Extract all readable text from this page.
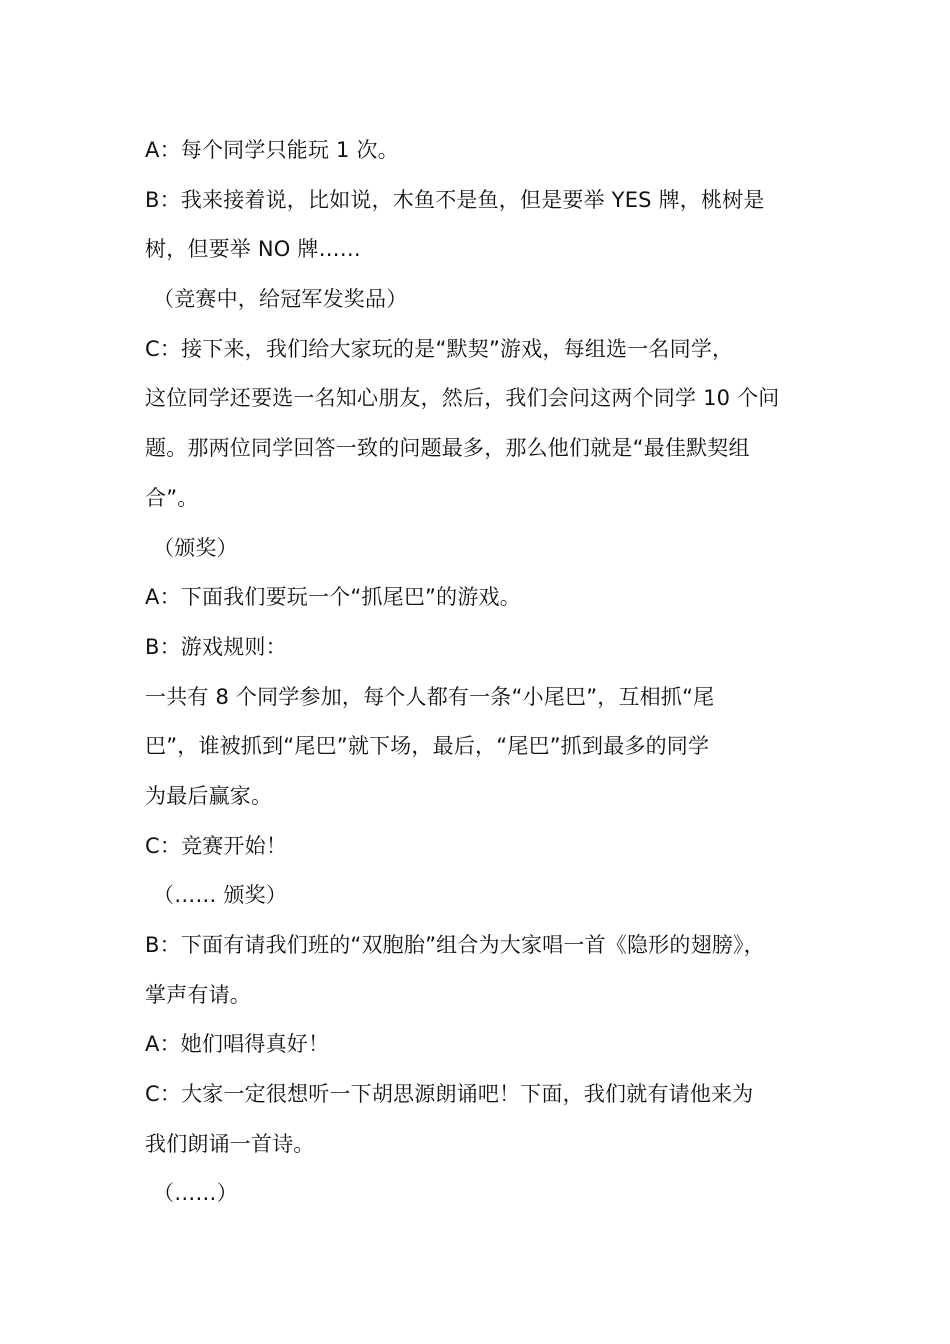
A：每个同学只能玩 1 次。
B：我来接着说，比如说，木鱼不是鱼，但是要举 YES 牌，桃树是
树，但要举 NO 牌……
（竞赛中，给冠军发奖品）
C：接下来，我们给大家玩的是“默契”游戏，每组选一名同学，
这位同学还要选一名知心朋友，然后，我们会问这两个同学 10 个问
题。那两位同学回答一致的问题最多，那么他们就是“最佳默契组
合”。
（颁奖）
A：下面我们要玩一个“抓尾巴”的游戏。
B：游戏规则：
一共有 8 个同学参加，每个人都有一条“小尾巴”，互相抓“尾
巴”，谁被抓到“尾巴”就下场，最后，“尾巴”抓到最多的同学
为最后赢家。
C：竞赛开始！
（…… 颁奖）
B：下面有请我们班的“双胞胎”组合为大家唱一首《隐形的翅膀》，
掌声有请。
A：她们唱得真好！
C：大家一定很想听一下胡思源朗诵吧！下面，我们就有请他来为
我们朗诵一首诗。
（……）
